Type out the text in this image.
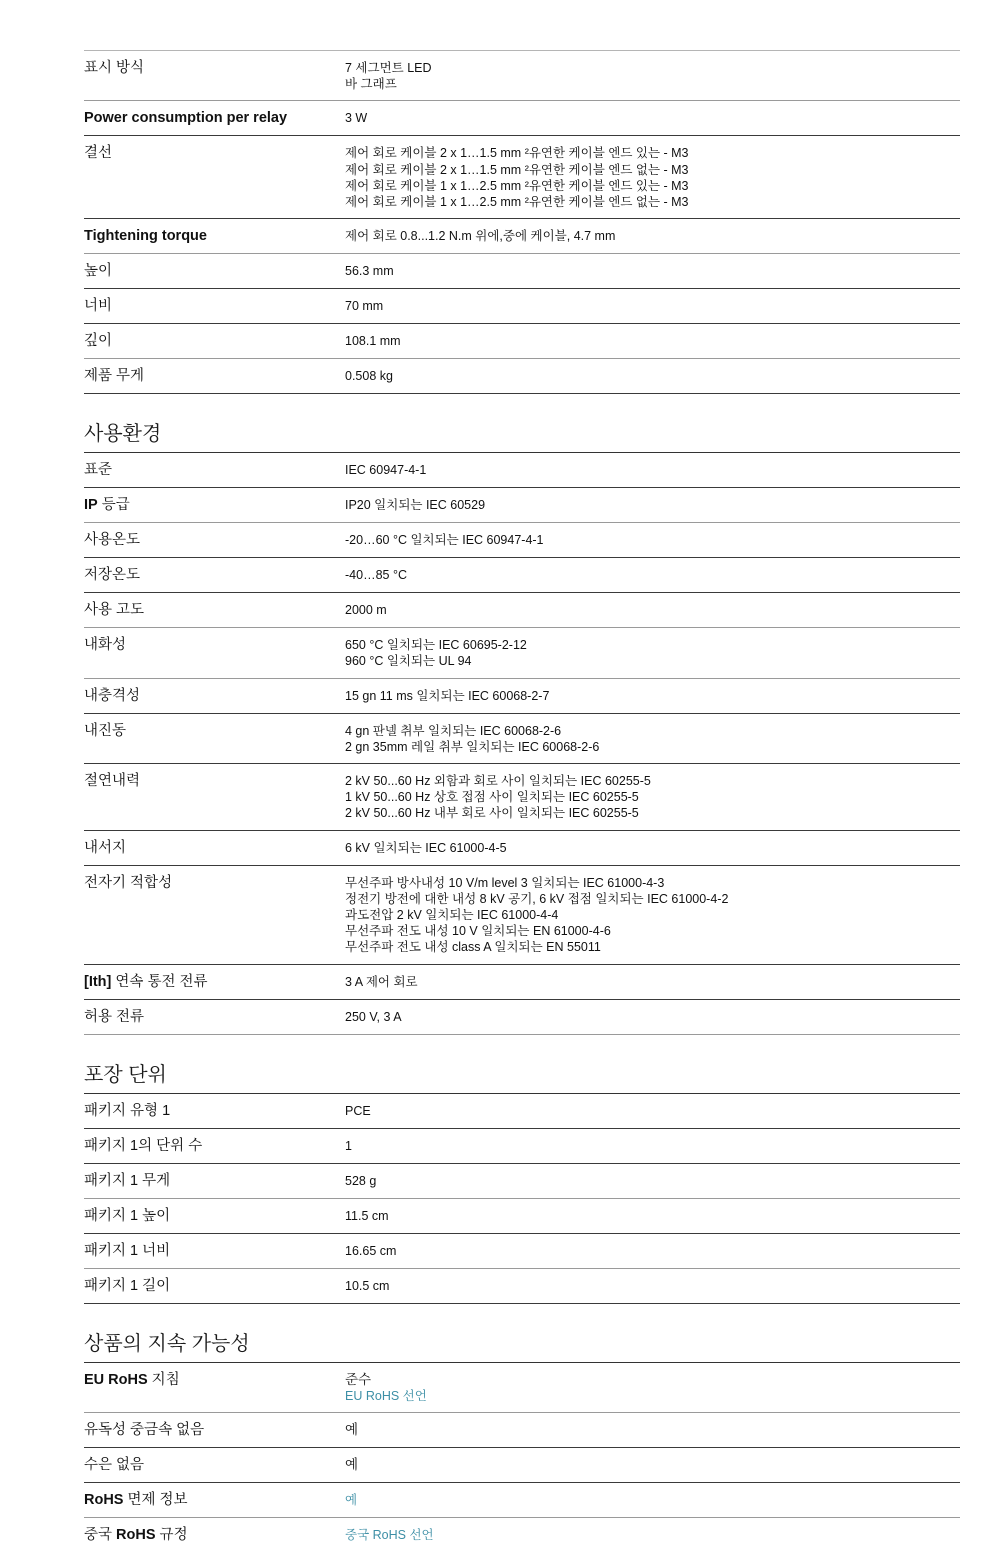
표시 방식	7 세그먼트 LED
바 그래프
Power consumption per relay	3 W
결선	제어 회로 케이블 2 x 1…1.5 mm ²유연한 케이블 엔드 있는 - M3
제어 회로 케이블 2 x 1…1.5 mm ²유연한 케이블 엔드 없는 - M3
제어 회로 케이블 1 x 1…2.5 mm ²유연한 케이블 엔드 있는 - M3
제어 회로 케이블 1 x 1…2.5 mm ²유연한 케이블 엔드 없는 - M3
Tightening torque	제어 회로 0.8...1.2 N.m 위에,중에 케이블, 4.7 mm
높이	56.3 mm
너비	70 mm
깊이	108.1 mm
제품 무게	0.508 kg
사용환경
표준	IEC 60947-4-1
IP 등급	IP20 일치되는 IEC 60529
사용온도	-20…60 °C 일치되는 IEC 60947-4-1
저장온도	-40…85 °C
사용 고도	2000 m
내화성	650 °C 일치되는 IEC 60695-2-12
960 °C 일치되는 UL 94
내충격성	15 gn 11 ms 일치되는 IEC 60068-2-7
내진동	4 gn 판넬 취부 일치되는 IEC 60068-2-6
2 gn 35mm 레일 취부 일치되는 IEC 60068-2-6
절연내력	2 kV 50...60 Hz 외함과 회로 사이 일치되는 IEC 60255-5
1 kV 50...60 Hz 상호 접점 사이 일치되는 IEC 60255-5
2 kV 50...60 Hz 내부 회로 사이 일치되는 IEC 60255-5
내서지	6 kV 일치되는 IEC 61000-4-5
전자기 적합성	무선주파 방사내성 10 V/m level 3 일치되는 IEC 61000-4-3
정전기 방전에 대한 내성 8 kV 공기, 6 kV 접점 일치되는 IEC 61000-4-2
과도전압 2 kV 일치되는 IEC 61000-4-4
무선주파 전도 내성 10 V 일치되는 EN 61000-4-6
무선주파 전도 내성 class A 일치되는 EN 55011
[Ith] 연속 통전 전류	3 A 제어 회로
허용 전류	250 V, 3 A
포장 단위
패키지 유형 1	PCE
패키지 1의 단위 수	1
패키지 1 무게	528 g
패키지 1 높이	11.5 cm
패키지 1 너비	16.65 cm
패키지 1 길이	10.5 cm
상품의 지속 가능성
EU RoHS 지침	준수
EU RoHS 선언
유독성 중금속 없음	예
수은 없음	예
RoHS 면제 정보	예
중국 RoHS 규정	중국 RoHS 선언
